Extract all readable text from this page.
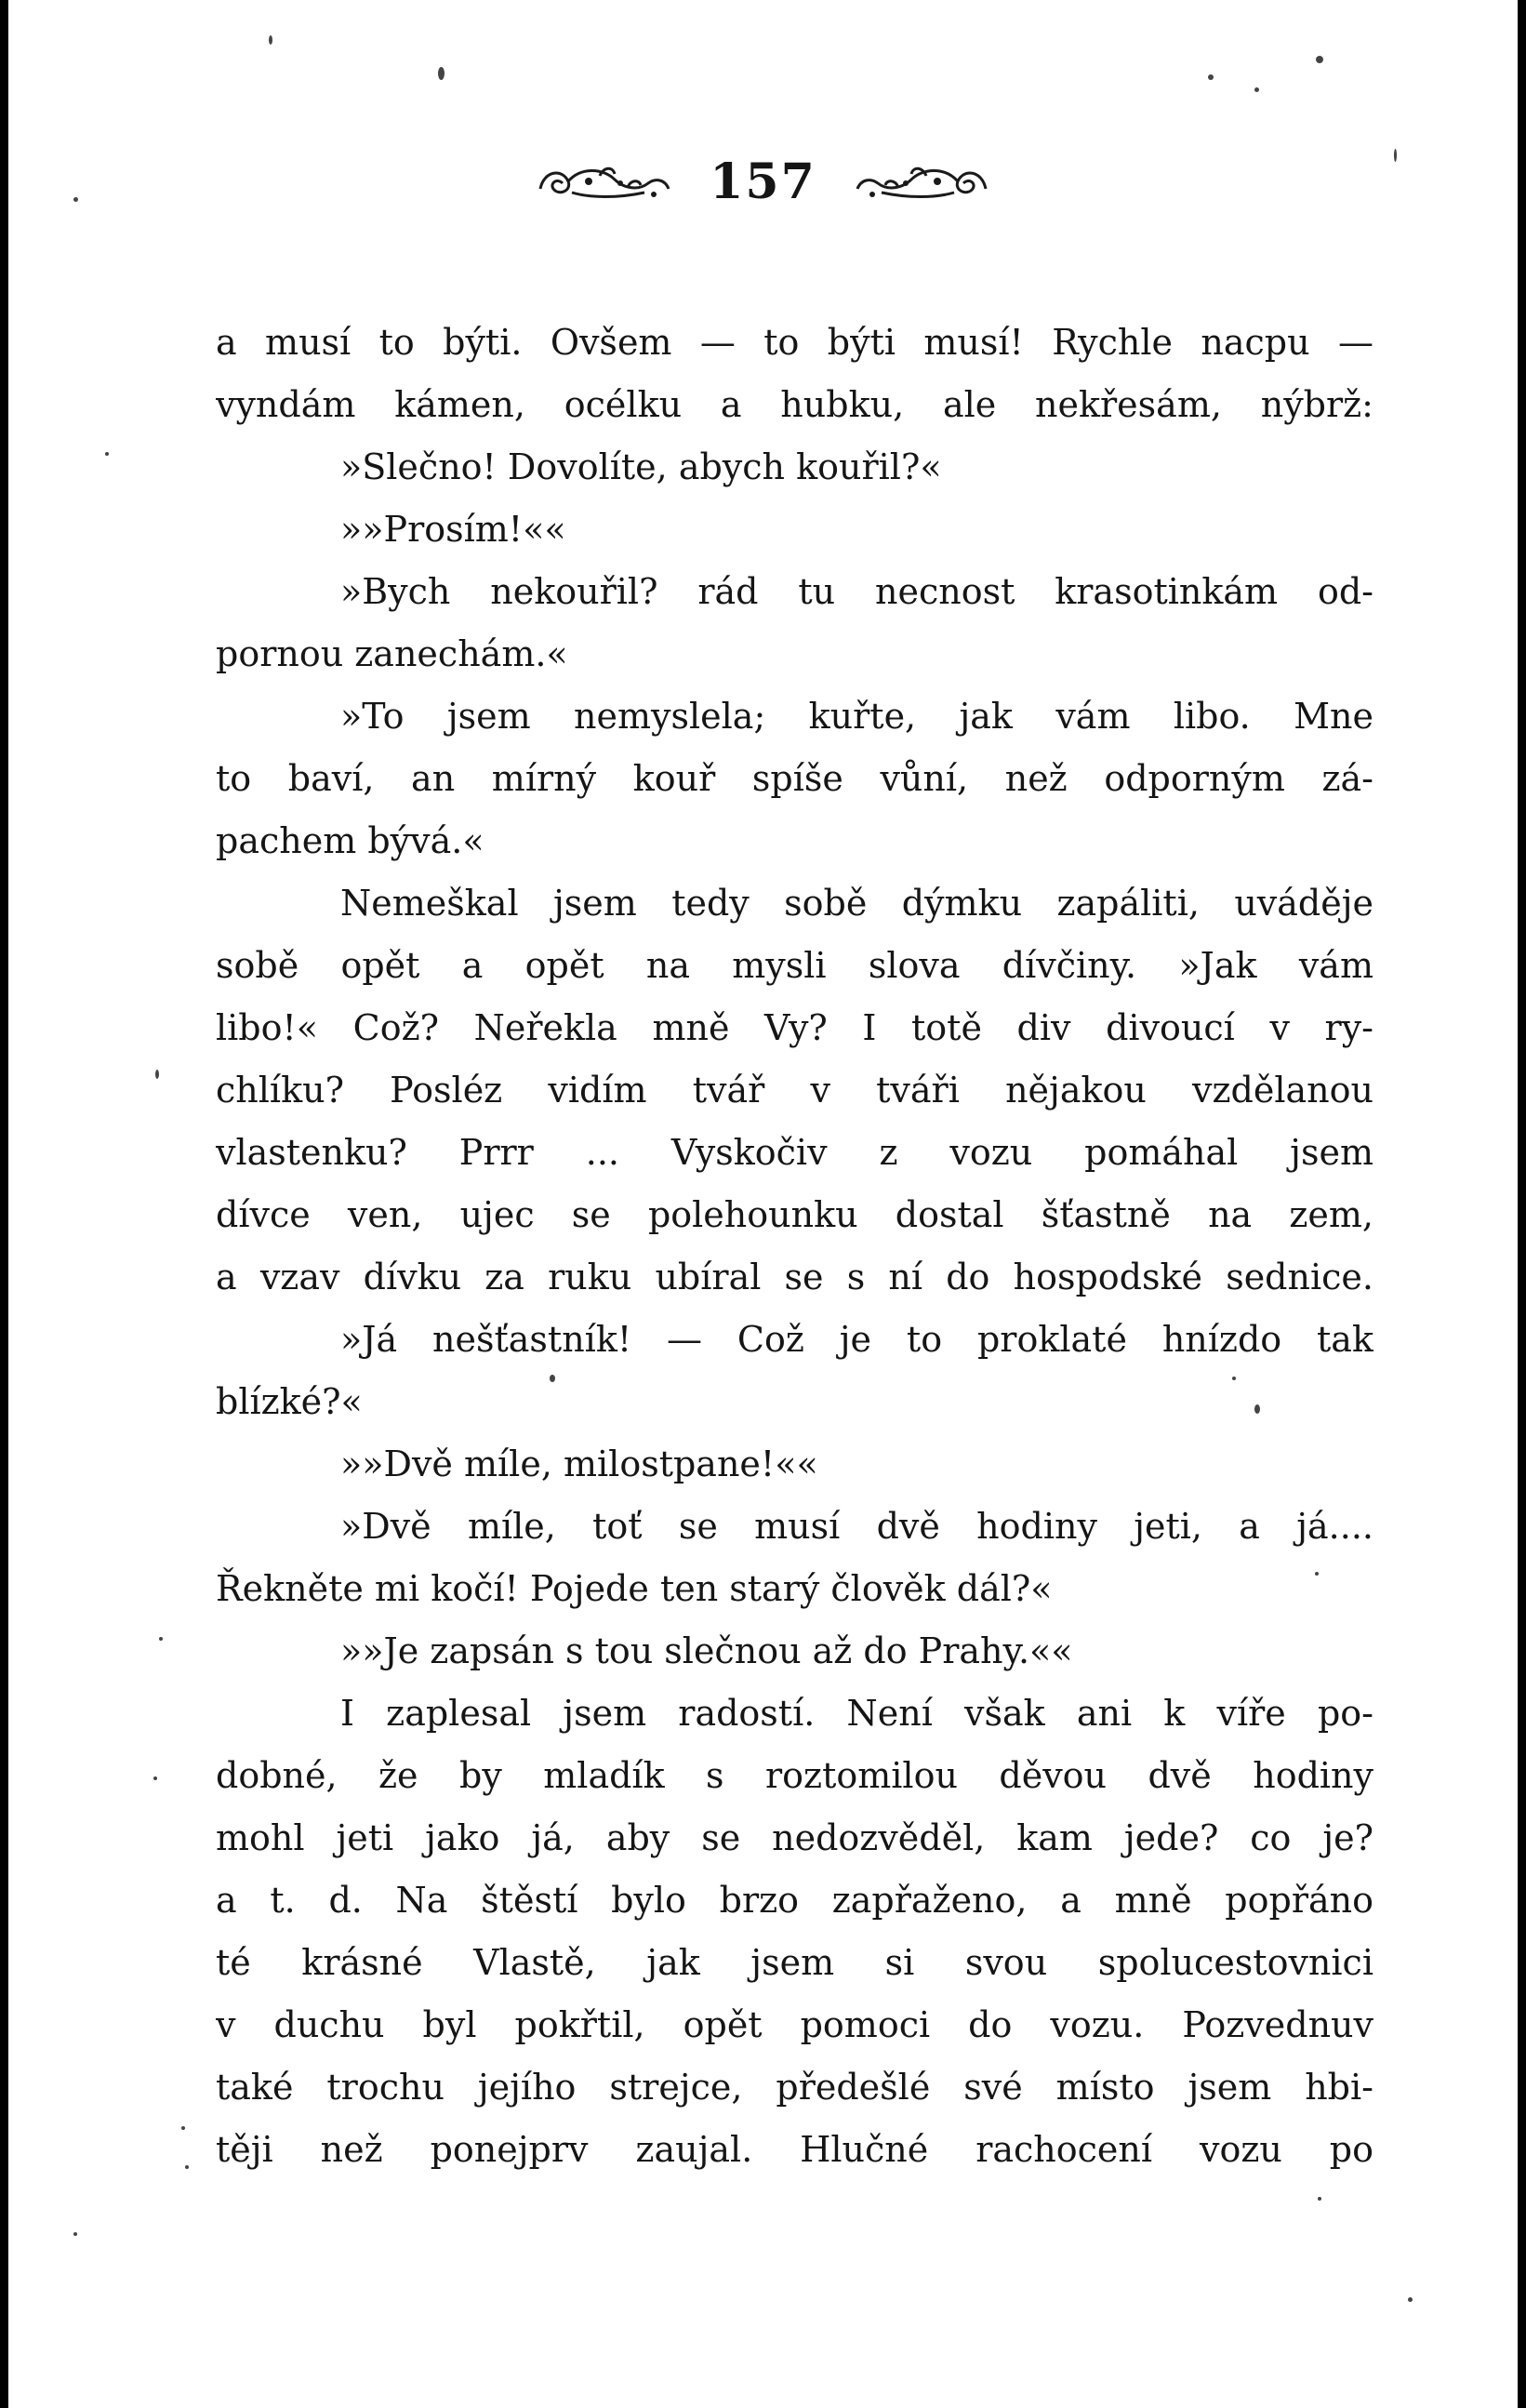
157
a musí to býti. Ovšem — to býti musí! Rychle nacpu —
vyndám kámen, océlku a hubku, ale nekřesám, nýbrž:
»Slečno! Dovolíte, abych kouřil?«
»»Prosím!««
»Bych nekouřil? rád tu necnost krasotinkám od-
pornou zanechám.«
»To jsem nemyslela; kuřte, jak vám libo. Mne
to baví, an mírný kouř spíše vůní, než odporným zá-
pachem bývá.«
Nemeškal jsem tedy sobě dýmku zapáliti, uváděje
sobě opět a opět na mysli slova dívčiny. »Jak vám
libo!« Což? Neřekla mně Vy? I totě div divoucí v ry-
chlíku? Posléz vidím tvář v tváři nějakou vzdělanou
vlastenku? Prrr ... Vyskočiv z vozu pomáhal jsem
dívce ven, ujec se polehounku dostal šťastně na zem,
a vzav dívku za ruku ubíral se s ní do hospodské sednice.
»Já nešťastník! — Což je to proklaté hnízdo tak
blízké?«
»»Dvě míle, milostpane!««
»Dvě míle, toť se musí dvě hodiny jeti, a já....
Řekněte mi kočí! Pojede ten starý člověk dál?«
»»Je zapsán s tou slečnou až do Prahy.««
I zaplesal jsem radostí. Není však ani k víře po-
dobné, že by mladík s roztomilou děvou dvě hodiny
mohl jeti jako já, aby se nedozvěděl, kam jede? co je?
a t. d. Na štěstí bylo brzo zapřaženo, a mně popřáno
té krásné Vlastě, jak jsem si svou spolucestovnici
v duchu byl pokřtil, opět pomoci do vozu. Pozvednuv
také trochu jejího strejce, předešlé své místo jsem hbi-
těji než ponejprv zaujal. Hlučné rachocení vozu po
